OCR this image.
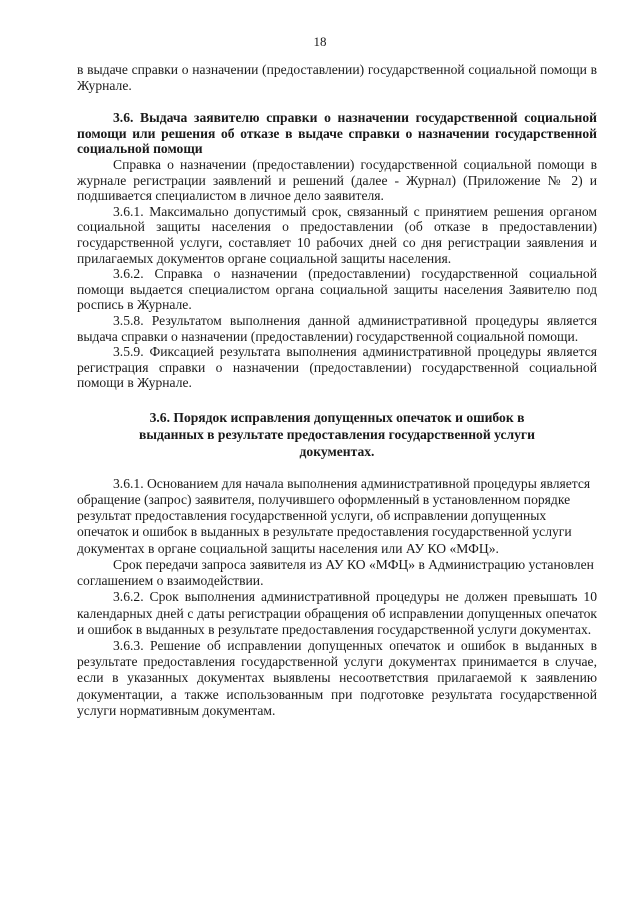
18

в выдаче справки о назначении (предоставлении) государственной социальной помощи в Журнале.

3.6. Выдача заявителю справки о назначении государственной социальной помощи или решения об отказе в выдаче справки о назначении государственной социальной помощи

Справка о назначении (предоставлении) государственной социальной помощи в журнале регистрации заявлений и решений (далее - Журнал) (Приложение № 2) и подшивается специалистом в личное дело заявителя.

3.6.1. Максимально допустимый срок, связанный с принятием решения органом социальной защиты населения о предоставлении (об отказе в предоставлении) государственной услуги, составляет 10 рабочих дней со дня регистрации заявления и прилагаемых документов органе социальной защиты населения.

3.6.2. Справка о назначении (предоставлении) государственной социальной помощи выдается специалистом органа социальной защиты населения Заявителю под роспись в Журнале.

3.5.8. Результатом выполнения данной административной процедуры является выдача справки о назначении (предоставлении) государственной социальной помощи.

3.5.9. Фиксацией результата выполнения административной процедуры является регистрация справки о назначении (предоставлении) государственной социальной помощи в Журнале.

3.6. Порядок исправления допущенных опечаток и ошибок в выданных в результате предоставления государственной услуги документах.

3.6.1. Основанием для начала выполнения административной процедуры является обращение (запрос) заявителя, получившего оформленный в установленном порядке результат предоставления государственной услуги, об исправлении допущенных опечаток и ошибок в выданных в результате предоставления государственной услуги документах в органе социальной защиты населения или АУ КО «МФЦ».

Срок передачи запроса заявителя из АУ КО «МФЦ» в Администрацию установлен соглашением о взаимодействии.

3.6.2. Срок выполнения административной процедуры не должен превышать 10 календарных дней с даты регистрации обращения об исправлении допущенных опечаток и ошибок в выданных в результате предоставления государственной услуги документах.

3.6.3. Решение об исправлении допущенных опечаток и ошибок в выданных в результате предоставления государственной услуги документах принимается в случае, если в указанных документах выявлены несоответствия прилагаемой к заявлению документации, а также использованным при подготовке результата государственной услуги нормативным документам.
